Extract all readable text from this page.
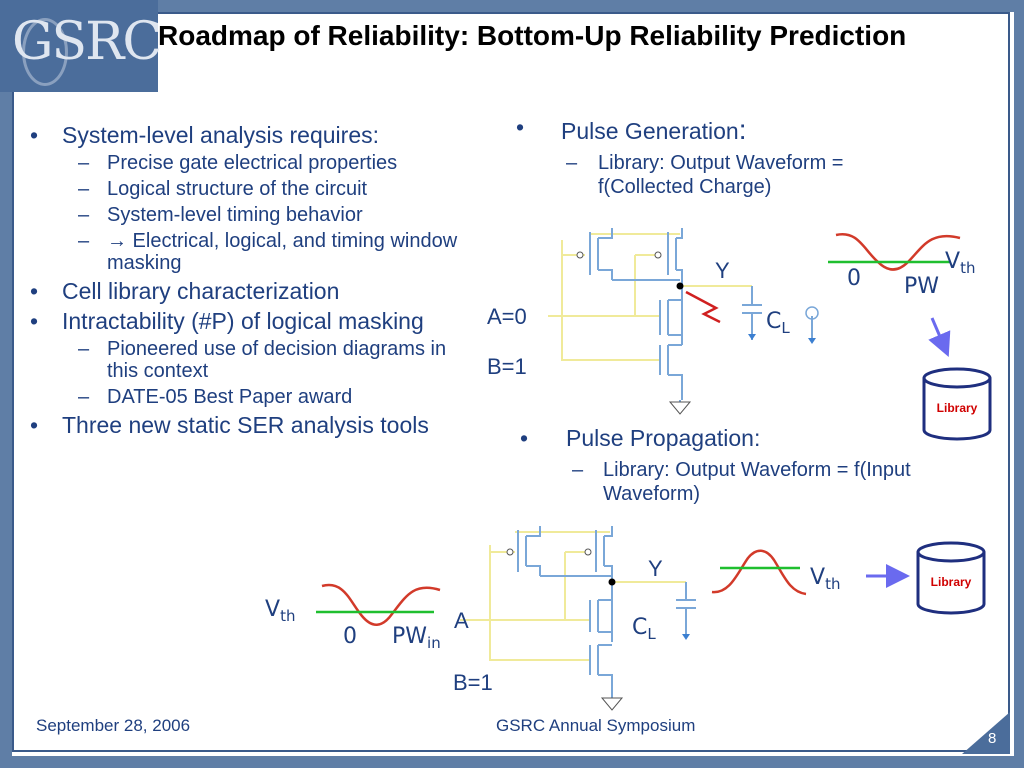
GSRC
Roadmap of Reliability: Bottom-Up Reliability Prediction
• System-level analysis requires:
– Precise gate electrical properties
– Logical structure of the circuit
– System-level timing behavior
– → Electrical, logical, and timing window masking
• Cell library characterization
• Intractability (#P) of logical masking
– Pioneered use of decision diagrams in this context
– DATE-05 Best Paper award
• Three new static SER analysis tools
• Pulse Generation:
– Library: Output Waveform = f(Collected Charge)
• Pulse Propagation:
– Library: Output Waveform = f(Input Waveform)
Y
A=0
B=1
$C_L$
$V_{th}$
0 PW
Library
Y
A
B=1
$C_L$
$V_{th}$
0 $PW_{in}$
$V_{th}$	Library
September 28, 2006	GSRC Annual Symposium
8
